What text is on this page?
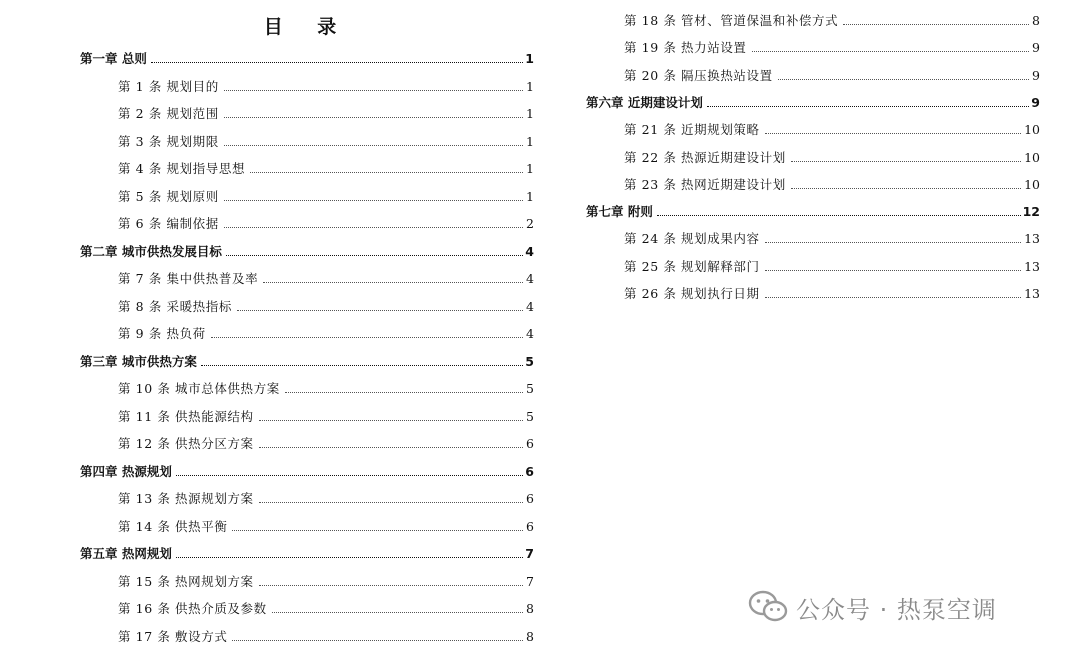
目 录
第一章 总则	1
第 1 条 规划目的	1
第 2 条 规划范围	1
第 3 条 规划期限	1
第 4 条 规划指导思想	1
第 5 条 规划原则	1
第 6 条 编制依据	2
第二章 城市供热发展目标	4
第 7 条 集中供热普及率	4
第 8 条 采暖热指标	4
第 9 条 热负荷	4
第三章 城市供热方案	5
第 10 条 城市总体供热方案	5
第 11 条 供热能源结构	5
第 12 条 供热分区方案	6
第四章 热源规划	6
第 13 条 热源规划方案	6
第 14 条 供热平衡	6
第五章 热网规划	7
第 15 条 热网规划方案	7
第 16 条 供热介质及参数	8
第 17 条 敷设方式	8
第 18 条 管材、管道保温和补偿方式	8
第 19 条 热力站设置	9
第 20 条 隔压换热站设置	9
第六章 近期建设计划	9
第 21 条 近期规划策略	10
第 22 条 热源近期建设计划	10
第 23 条 热网近期建设计划	10
第七章 附则	12
第 24 条 规划成果内容	13
第 25 条 规划解释部门	13
第 26 条 规划执行日期	13
公众号 · 热泵空调
